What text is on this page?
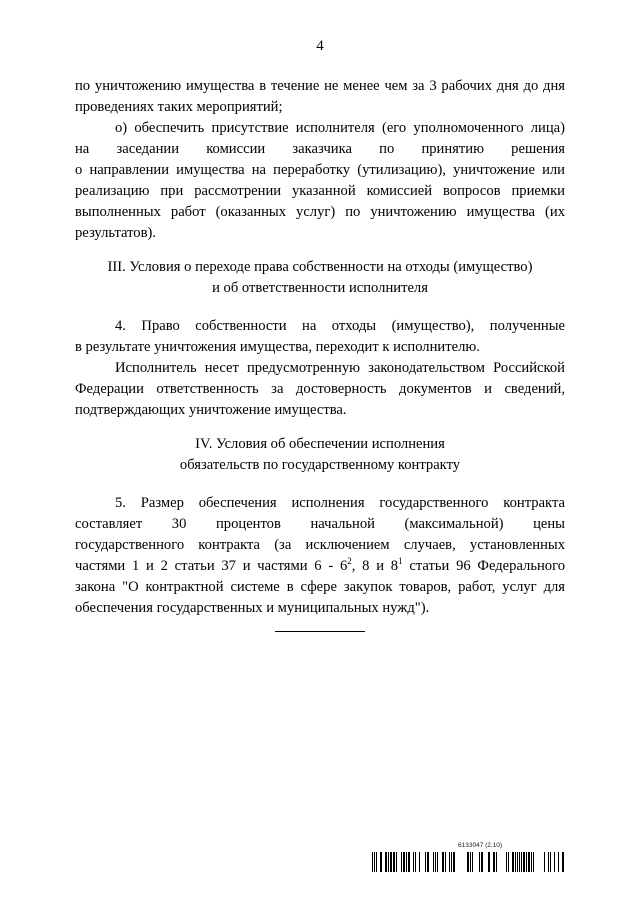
4

по уничтожению имущества в течение не менее чем за 3 рабочих дня до дня проведениях таких мероприятий;

о) обеспечить присутствие исполнителя (его уполномоченного лица)

на заседании комиссии заказчика по принятию решения

о направлении имущества на переработку (утилизацию), уничтожение или реализацию при рассмотрении указанной комиссией вопросов приемки выполненных работ (оказанных услуг) по уничтожению имущества (их результатов).

III. Условия о переходе права собственности на отходы (имущество)
и об ответственности исполнителя

4. Право собственности на отходы (имущество), полученные

в результате уничтожения имущества, переходит к исполнителю.

Исполнитель несет предусмотренную законодательством Российской Федерации ответственность за достоверность документов и сведений, подтверждающих уничтожение имущества.

IV. Условия об обеспечении исполнения
обязательств по государственному контракту

5. Размер обеспечения исполнения государственного контракта

составляет 30 процентов начальной (максимальной) цены

государственного контракта (за исключением случаев, установленных

частями 1 и 2 статьи 37 и частями $6 - 6^2$, 8 и $8^1$ статьи 96 Федерального

закона "О контрактной системе в сфере закупок товаров, работ, услуг для обеспечения государственных и муниципальных нужд").

6133047 (2.10)
